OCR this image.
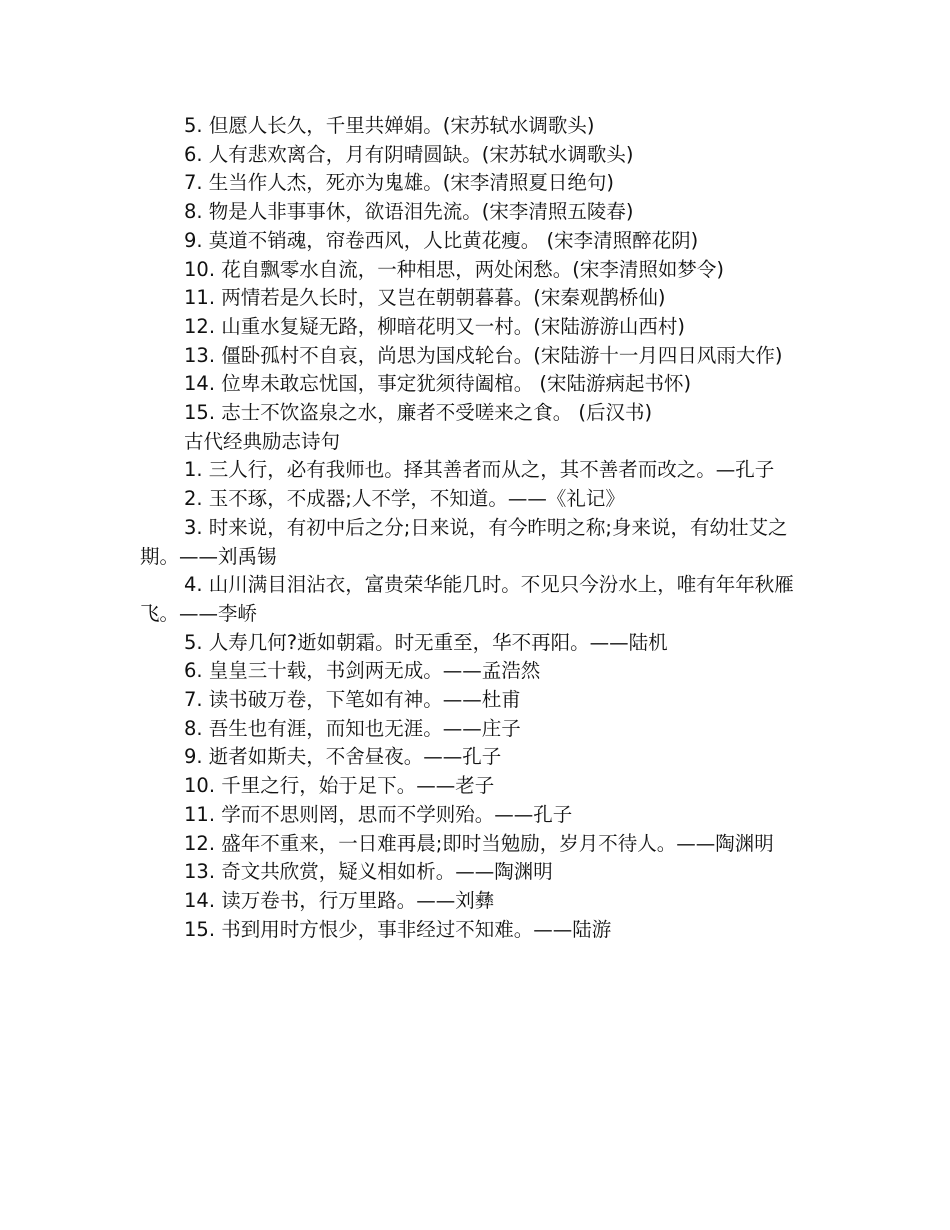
5. 但愿人长久，千里共婵娟。(宋苏轼水调歌头)

6. 人有悲欢离合，月有阴晴圆缺。(宋苏轼水调歌头)

7. 生当作人杰，死亦为鬼雄。(宋李清照夏日绝句)

8. 物是人非事事休，欲语泪先流。(宋李清照五陵春)

9. 莫道不销魂，帘卷西风，人比黄花瘦。 (宋李清照醉花阴)

10. 花自飘零水自流，一种相思，两处闲愁。(宋李清照如梦令)

11. 两情若是久长时，又岂在朝朝暮暮。(宋秦观鹊桥仙)

12. 山重水复疑无路，柳暗花明又一村。(宋陆游游山西村)

13. 僵卧孤村不自哀，尚思为国戍轮台。(宋陆游十一月四日风雨大作)

14. 位卑未敢忘忧国，事定犹须待阖棺。 (宋陆游病起书怀)

15. 志士不饮盗泉之水，廉者不受嗟来之食。 (后汉书)

古代经典励志诗句

1. 三人行，必有我师也。择其善者而从之，其不善者而改之。—孔子

2. 玉不琢，不成器;人不学，不知道。——《礼记》

3. 时来说，有初中后之分;日来说，有今昨明之称;身来说，有幼壮艾之期。——刘禹锡

4. 山川满目泪沾衣，富贵荣华能几时。不见只今汾水上，唯有年年秋雁飞。——李峤

5. 人寿几何?逝如朝霜。时无重至，华不再阳。——陆机

6. 皇皇三十载，书剑两无成。——孟浩然

7. 读书破万卷，下笔如有神。——杜甫

8. 吾生也有涯，而知也无涯。——庄子

9. 逝者如斯夫，不舍昼夜。——孔子

10. 千里之行，始于足下。——老子

11. 学而不思则罔，思而不学则殆。——孔子

12. 盛年不重来，一日难再晨;即时当勉励，岁月不待人。——陶渊明

13. 奇文共欣赏，疑义相如析。——陶渊明

14. 读万卷书，行万里路。——刘彝

15. 书到用时方恨少，事非经过不知难。——陆游
